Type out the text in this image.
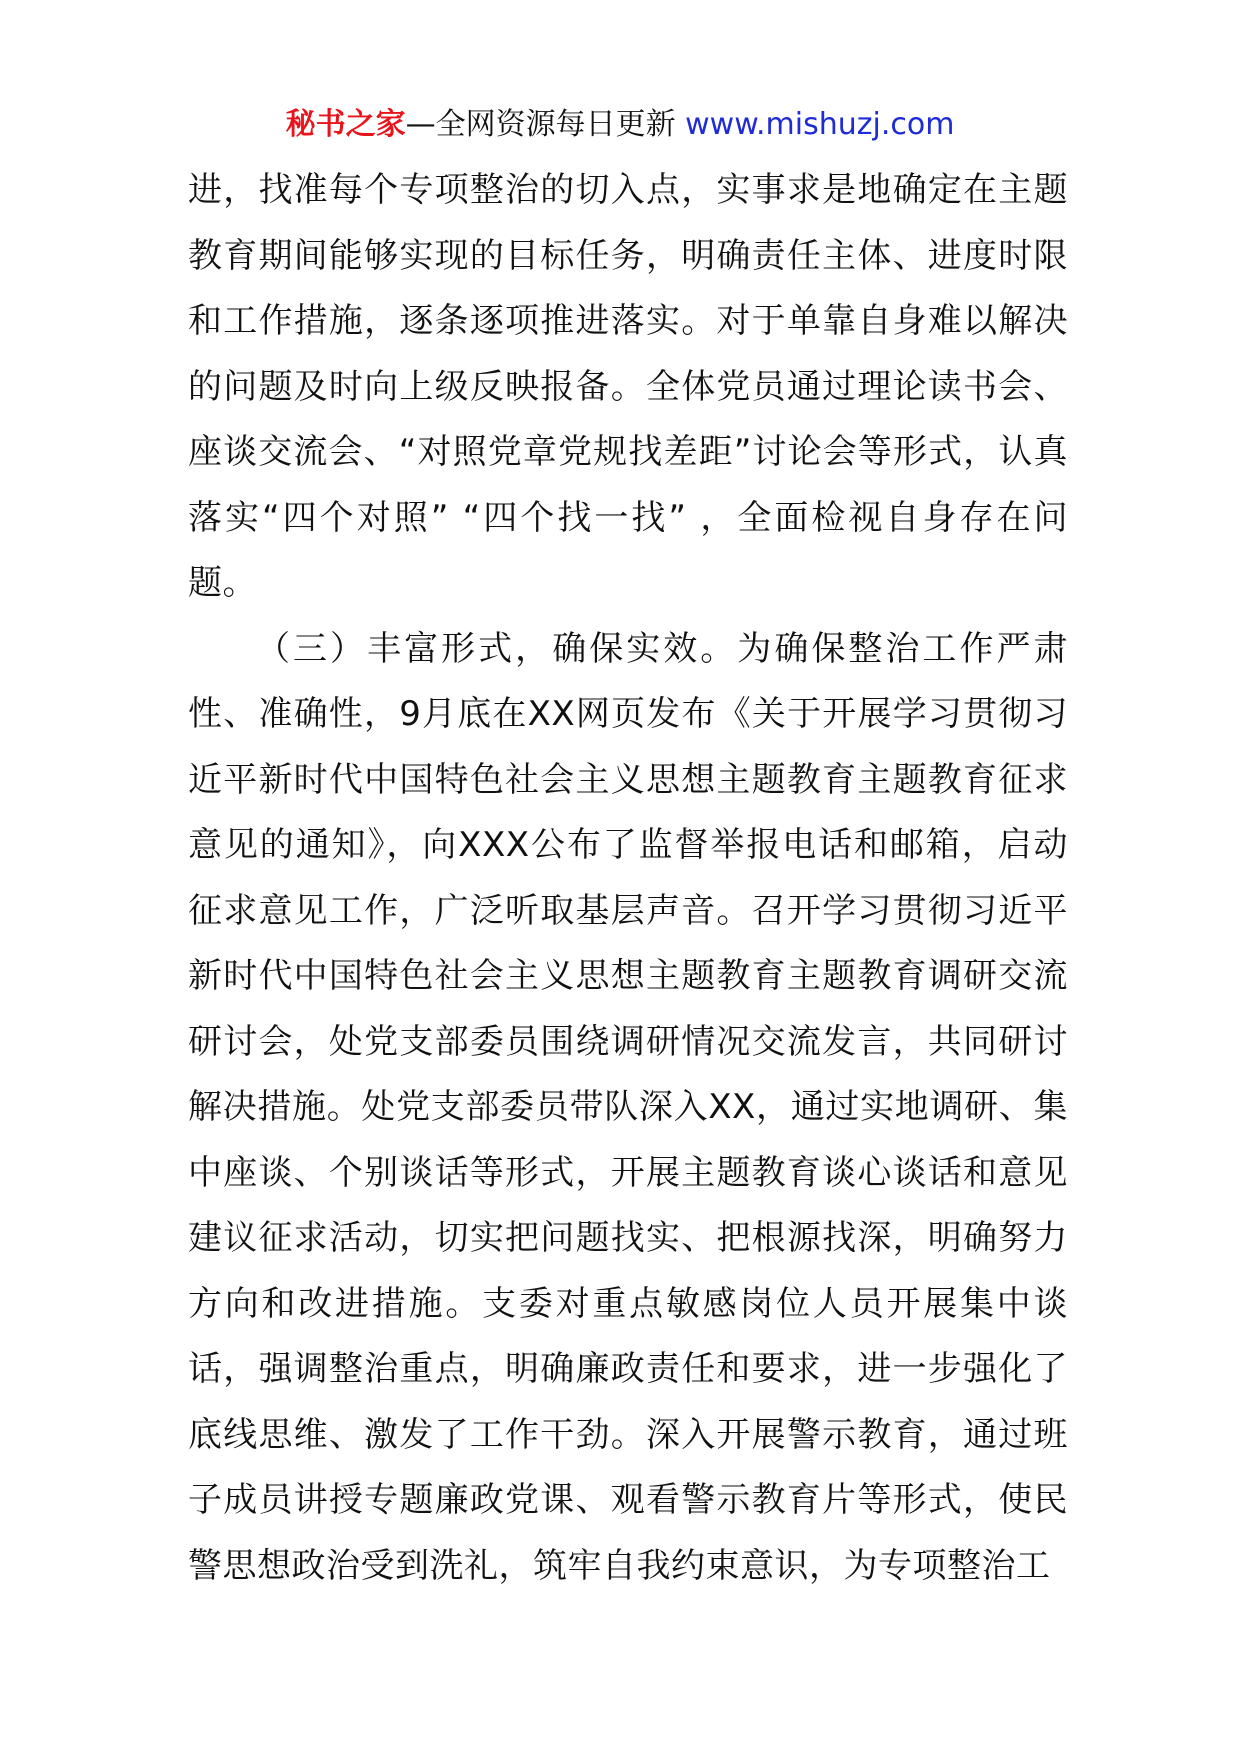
秘书之家—全网资源每日更新 www.mishuzj.com

进，找准每个专项整治的切入点，实事求是地确定在主题教育期间能够实现的目标任务，明确责任主体、进度时限和工作措施，逐条逐项推进落实。对于单靠自身难以解决的问题及时向上级反映报备。全体党员通过理论读书会、座谈交流会、“对照党章党规找差距”讨论会等形式，认真落实“四个对照” “四个找一找” ，全面检视自身存在问题。

（三）丰富形式，确保实效。为确保整治工作严肃性、准确性，9月底在XX网页发布《关于开展学习贯彻习近平新时代中国特色社会主义思想主题教育主题教育征求意见的通知》，向XXX公布了监督举报电话和邮箱，启动征求意见工作，广泛听取基层声音。召开学习贯彻习近平新时代中国特色社会主义思想主题教育主题教育调研交流研讨会，处党支部委员围绕调研情况交流发言，共同研讨解决措施。处党支部委员带队深入XX，通过实地调研、集中座谈、个别谈话等形式，开展主题教育谈心谈话和意见建议征求活动，切实把问题找实、把根源找深，明确努力方向和改进措施。支委对重点敏感岗位人员开展集中谈话，强调整治重点，明确廉政责任和要求，进一步强化了底线思维、激发了工作干劲。深入开展警示教育，通过班子成员讲授专题廉政党课、观看警示教育片等形式，使民警思想政治受到洗礼，筑牢自我约束意识，为专项整治工
